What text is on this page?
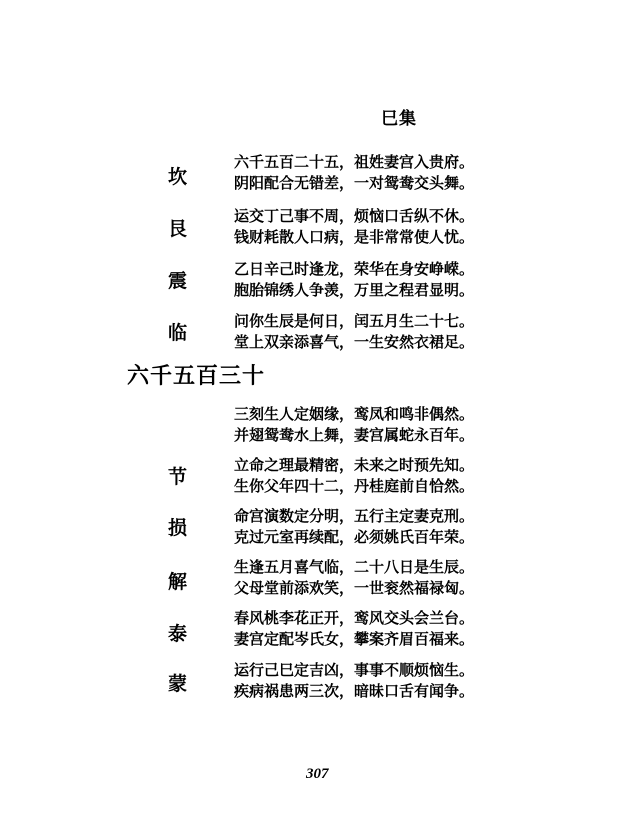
巳集
坎
六千五百二十五，祖姓妻宫入贵府。
阴阳配合无错差，一对鸳鸯交头舞。
艮
运交丁己事不周，烦恼口舌纵不休。
钱财耗散人口病，是非常常使人忧。
震
乙日辛己时逢龙，荣华在身安峥嵘。
胞胎锦绣人争羡，万里之程君显明。
临
问你生辰是何日，闰五月生二十七。
堂上双亲添喜气，一生安然衣裙足。
六千五百三十
三刻生人定姻缘，鸾凤和鸣非偶然。
并翅鸳鸯水上舞，妻宫属蛇永百年。
节
立命之理最精密，未来之时预先知。
生你父年四十二，丹桂庭前自恰然。
损
命宫演数定分明，五行主定妻克刑。
克过元室再续配，必须姚氏百年荣。
解
生逢五月喜气临，二十八日是生辰。
父母堂前添欢笑，一世衮然福禄匈。
泰
春风桃李花正开，鸾风交头会兰台。
妻宫定配岑氏女，攀案齐眉百福来。
蒙
运行己巳定吉凶，事事不顺烦恼生。
疾病祸患两三次，暗昧口舌有闻争。
307
